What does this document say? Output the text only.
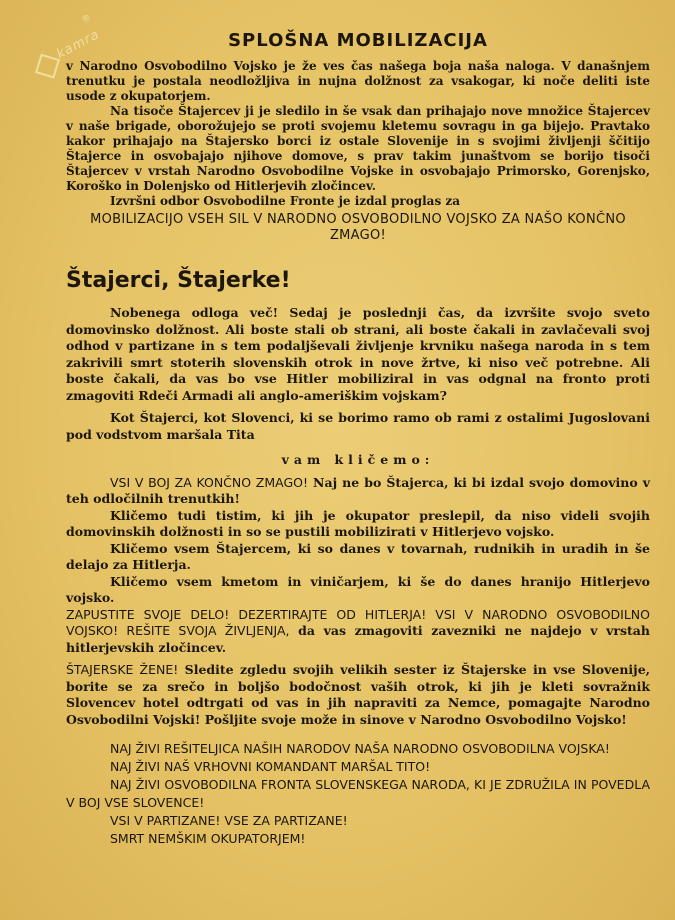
kamra
®
SPLOŠNA MOBILIZACIJA

v Narodno Osvobodilno Vojsko je že ves čas našega boja naša naloga. V današnjem trenutku je postala neodložljiva in nujna dolžnost za vsakogar, ki noče deliti iste usode z okupatorjem.

Na tisoče Štajercev ji je sledilo in še vsak dan prihajajo nove množice Štajercev v naše brigade, oborožujejo se proti svojemu kletemu sovragu in ga bijejo. Pravtako kakor prihajajo na Štajersko borci iz ostale Slovenije in s svojimi življenji ščitijo Štajerce in osvobajajo njihove domove, s prav takim junaštvom se borijo tisoči Štajercev v vrstah Narodno Osvobodilne Vojske in osvobajajo Primorsko, Gorenjsko, Koroško in Dolenjsko od Hitlerjevih zločincev.

Izvršni odbor Osvobodilne Fronte je izdal proglas za

MOBILIZACIJO VSEH SIL V NARODNO OSVOBODILNO VOJSKO ZA NAŠO KONČNO ZMAGO!

Štajerci, Štajerke!

Nobenega odloga več! Sedaj je poslednji čas, da izvršite svojo sveto domovinsko dolžnost. Ali boste stali ob strani, ali boste čakali in zavlačevali svoj odhod v partizane in s tem podaljševali življenje krvniku našega naroda in s tem zakrivili smrt stoterih slovenskih otrok in nove žrtve, ki niso več potrebne. Ali boste čakali, da vas bo vse Hitler mobiliziral in vas odgnal na fronto proti zmagoviti Rdeči Armadi ali anglo-ameriškim vojskam?

Kot Štajerci, kot Slovenci, ki se borimo ramo ob rami z ostalimi Jugoslovani pod vodstvom maršala Tita

vam kličemo:

VSI V BOJ ZA KONČNO ZMAGO! Naj ne bo Štajerca, ki bi izdal svojo domovino v teh odločilnih trenutkih!

Kličemo tudi tistim, ki jih je okupator preslepil, da niso videli svojih domovinskih dolžnosti in so se pustili mobilizirati v Hitlerjevo vojsko.

Kličemo vsem Štajercem, ki so danes v tovarnah, rudnikih in uradih in še delajo za Hitlerja.

Kličemo vsem kmetom in viničarjem, ki še do danes hranijo Hitlerjevo vojsko.

ZAPUSTITE SVOJE DELO! DEZERTIRAJTE OD HITLERJA! VSI V NARODNO OSVOBODILNO VOJSKO! REŠITE SVOJA ŽIVLJENJA, da vas zmagoviti zavezniki ne najdejo v vrstah hitlerjevskih zločincev.

ŠTAJERSKE ŽENE! Sledite zgledu svojih velikih sester iz Štajerske in vse Slovenije, borite se za srečo in boljšo bodočnost vaših otrok, ki jih je kleti sovražnik Slovencev hotel odtrgati od vas in jih napraviti za Nemce, pomagajte Narodno Osvobodilni Vojski! Pošljite svoje može in sinove v Narodno Osvobodilno Vojsko!

NAJ ŽIVI REŠITELJICA NAŠIH NARODOV NAŠA NARODNO OSVOBODILNA VOJSKA!

NAJ ŽIVI NAŠ VRHOVNI KOMANDANT MARŠAL TITO!

NAJ ŽIVI OSVOBODILNA FRONTA SLOVENSKEGA NARODA, KI JE ZDRUŽILA IN POVEDLA V BOJ VSE SLOVENCE!

VSI V PARTIZANE! VSE ZA PARTIZANE!

SMRT NEMŠKIM OKUPATORJEM!
